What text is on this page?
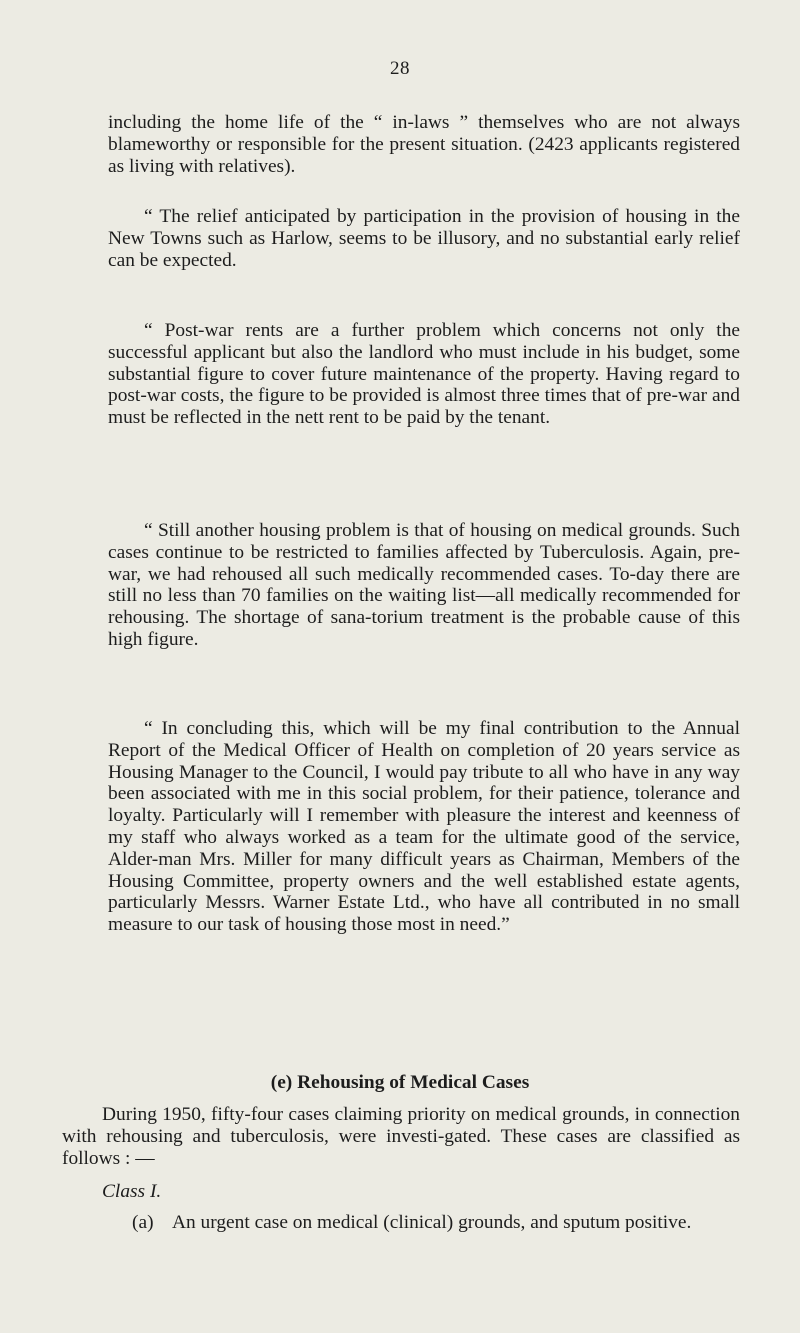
28

including the home life of the “ in-laws ” themselves who are not always blameworthy or responsible for the present situation. (2423 applicants registered as living with relatives).

“ The relief anticipated by participation in the provision of housing in the New Towns such as Harlow, seems to be illusory, and no substantial early relief can be expected.

“ Post-war rents are a further problem which concerns not only the successful applicant but also the landlord who must include in his budget, some substantial figure to cover future maintenance of the property. Having regard to post-war costs, the figure to be provided is almost three times that of pre-war and must be reflected in the nett rent to be paid by the tenant.

“ Still another housing problem is that of housing on medical grounds. Such cases continue to be restricted to families affected by Tuberculosis. Again, pre-war, we had rehoused all such medically recommended cases. To-day there are still no less than 70 families on the waiting list—all medically recommended for rehousing. The shortage of sana-torium treatment is the probable cause of this high figure.

“ In concluding this, which will be my final contribution to the Annual Report of the Medical Officer of Health on completion of 20 years service as Housing Manager to the Council, I would pay tribute to all who have in any way been associated with me in this social problem, for their patience, tolerance and loyalty. Particularly will I remember with pleasure the interest and keenness of my staff who always worked as a team for the ultimate good of the service, Alder-man Mrs. Miller for many difficult years as Chairman, Members of the Housing Committee, property owners and the well established estate agents, particularly Messrs. Warner Estate Ltd., who have all contributed in no small measure to our task of housing those most in need.”

(e) Rehousing of Medical Cases

During 1950, fifty-four cases claiming priority on medical grounds, in connection with rehousing and tuberculosis, were investi-gated. These cases are classified as follows : —

Class I.

(a) An urgent case on medical (clinical) grounds, and sputum positive.
